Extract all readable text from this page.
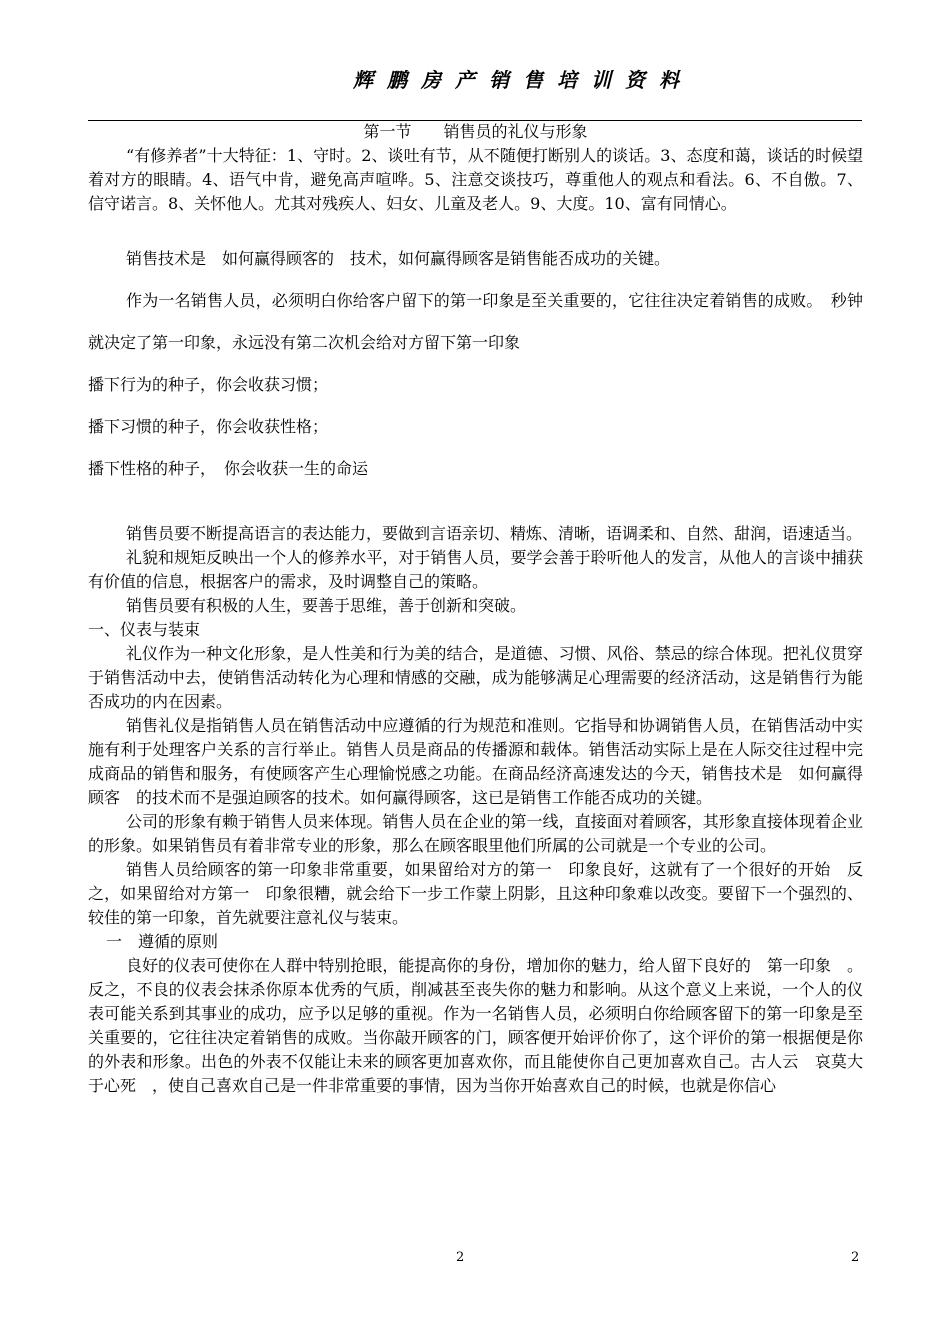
辉鹏房产销售培训资料

第一节　　销售员的礼仪与形象

“有修养者”十大特征：1、守时。2、谈吐有节，从不随便打断别人的谈话。3、态度和蔼，谈话的时候望着对方的眼睛。4、语气中肯，避免高声喧哗。5、注意交谈技巧，尊重他人的观点和看法。6、不自傲。7、信守诺言。8、关怀他人。尤其对残疾人、妇女、儿童及老人。9、大度。10、富有同情心。

销售技术是　如何赢得顾客的　技术，如何赢得顾客是销售能否成功的关键。

作为一名销售人员，必须明白你给客户留下的第一印象是至关重要的，它往往决定着销售的成败。　秒钟就决定了第一印象，永远没有第二次机会给对方留下第一印象

播下行为的种子，你会收获习惯；

播下习惯的种子，你会收获性格；

播下性格的种子，　你会收获一生的命运

销售员要不断提高语言的表达能力，要做到言语亲切、精炼、清晰，语调柔和、自然、甜润，语速适当。

礼貌和规矩反映出一个人的修养水平，对于销售人员，要学会善于聆听他人的发言，从他人的言谈中捕获有价值的信息，根据客户的需求，及时调整自己的策略。

销售员要有积极的人生，要善于思维，善于创新和突破。

一、仪表与装束

礼仪作为一种文化形象，是人性美和行为美的结合，是道德、习惯、风俗、禁忌的综合体现。把礼仪贯穿于销售活动中去，使销售活动转化为心理和情感的交融，成为能够满足心理需要的经济活动，这是销售行为能否成功的内在因素。

销售礼仪是指销售人员在销售活动中应遵循的行为规范和准则。它指导和协调销售人员，在销售活动中实施有利于处理客户关系的言行举止。销售人员是商品的传播源和载体。销售活动实际上是在人际交往过程中完成商品的销售和服务，有使顾客产生心理愉悦感之功能。在商品经济高速发达的今天，销售技术是　如何赢得顾客　的技术而不是强迫顾客的技术。如何赢得顾客，这已是销售工作能否成功的关键。

公司的形象有赖于销售人员来体现。销售人员在企业的第一线，直接面对着顾客，其形象直接体现着企业的形象。如果销售员有着非常专业的形象，那么在顾客眼里他们所属的公司就是一个专业的公司。

销售人员给顾客的第一印象非常重要，如果留给对方的第一　印象良好，这就有了一个很好的开始　反之，如果留给对方第一　印象很糟，就会给下一步工作蒙上阴影，且这种印象难以改变。要留下一个强烈的、较佳的第一印象，首先就要注意礼仪与装束。

一　遵循的原则

良好的仪表可使你在人群中特别抢眼，能提高你的身份，增加你的魅力，给人留下良好的　第一印象　。反之，不良的仪表会抹杀你原本优秀的气质，削减甚至丧失你的魅力和影响。从这个意义上来说，一个人的仪表可能关系到其事业的成功，应予以足够的重视。作为一名销售人员，必须明白你给顾客留下的第一印象是至关重要的，它往往决定着销售的成败。当你敲开顾客的门，顾客便开始评价你了，这个评价的第一根据便是你的外表和形象。出色的外表不仅能让未来的顾客更加喜欢你，而且能使你自己更加喜欢自己。古人云　哀莫大于心死　，使自己喜欢自己是一件非常重要的事情，因为当你开始喜欢自己的时候，也就是你信心

2	2
